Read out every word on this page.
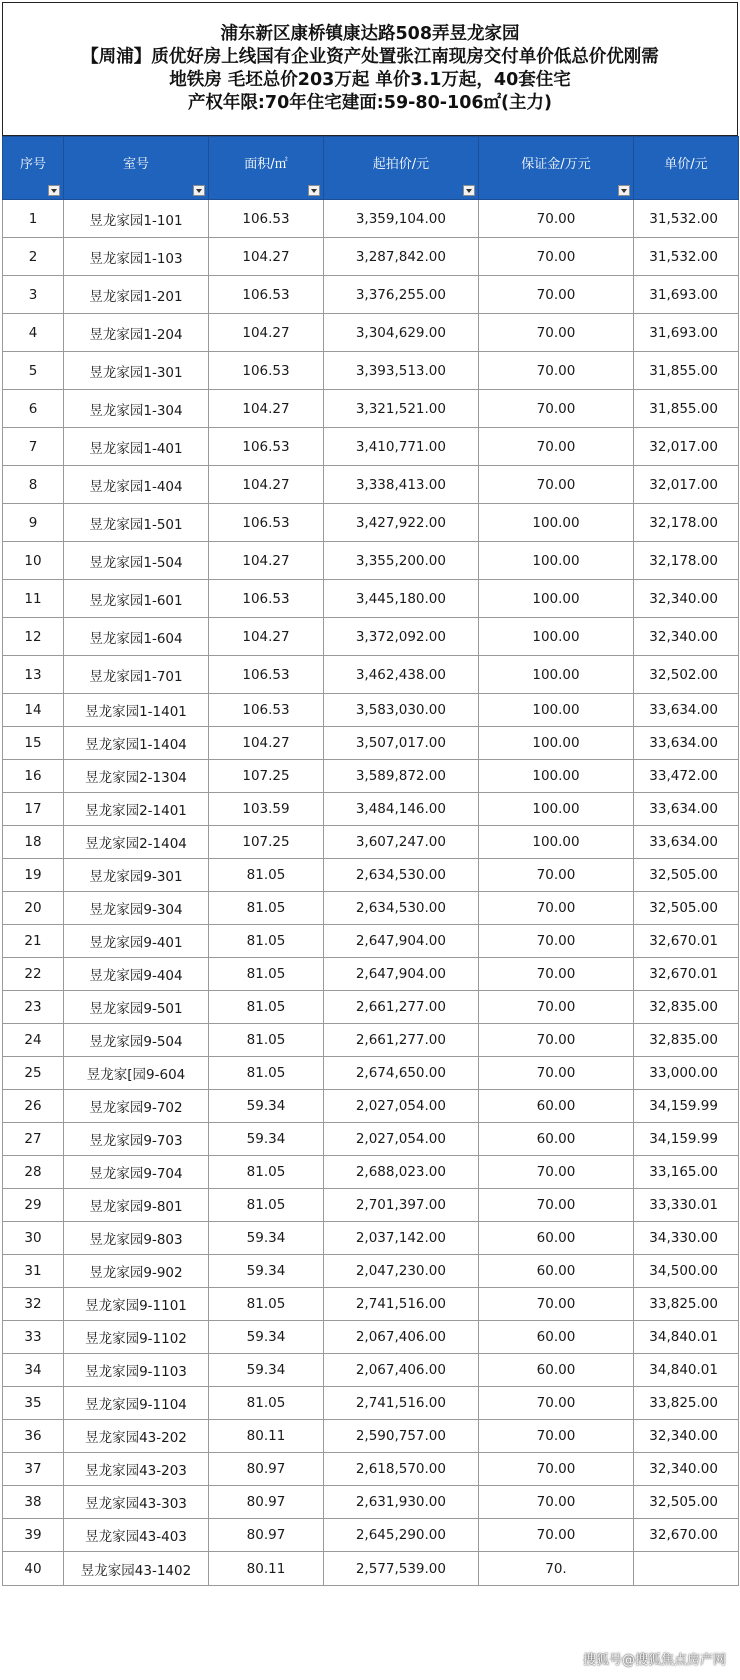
浦东新区康桥镇康达路508弄昱龙家园
【周浦】质优好房上线国有企业资产处置张江南现房交付单价低总价优刚需
地铁房 毛坯总价203万起 单价3.1万起，40套住宅
产权年限:70年住宅建面:59-80-106㎡(主力)
序号	室号	面积/㎡	起拍价/元	保证金/万元	单价/元
1	昱龙家园1-101	106.53	3,359,104.00	70.00	31,532.00
2	昱龙家园1-103	104.27	3,287,842.00	70.00	31,532.00
3	昱龙家园1-201	106.53	3,376,255.00	70.00	31,693.00
4	昱龙家园1-204	104.27	3,304,629.00	70.00	31,693.00
5	昱龙家园1-301	106.53	3,393,513.00	70.00	31,855.00
6	昱龙家园1-304	104.27	3,321,521.00	70.00	31,855.00
7	昱龙家园1-401	106.53	3,410,771.00	70.00	32,017.00
8	昱龙家园1-404	104.27	3,338,413.00	70.00	32,017.00
9	昱龙家园1-501	106.53	3,427,922.00	100.00	32,178.00
10	昱龙家园1-504	104.27	3,355,200.00	100.00	32,178.00
11	昱龙家园1-601	106.53	3,445,180.00	100.00	32,340.00
12	昱龙家园1-604	104.27	3,372,092.00	100.00	32,340.00
13	昱龙家园1-701	106.53	3,462,438.00	100.00	32,502.00
14	昱龙家园1-1401	106.53	3,583,030.00	100.00	33,634.00
15	昱龙家园1-1404	104.27	3,507,017.00	100.00	33,634.00
16	昱龙家园2-1304	107.25	3,589,872.00	100.00	33,472.00
17	昱龙家园2-1401	103.59	3,484,146.00	100.00	33,634.00
18	昱龙家园2-1404	107.25	3,607,247.00	100.00	33,634.00
19	昱龙家园9-301	81.05	2,634,530.00	70.00	32,505.00
20	昱龙家园9-304	81.05	2,634,530.00	70.00	32,505.00
21	昱龙家园9-401	81.05	2,647,904.00	70.00	32,670.01
22	昱龙家园9-404	81.05	2,647,904.00	70.00	32,670.01
23	昱龙家园9-501	81.05	2,661,277.00	70.00	32,835.00
24	昱龙家园9-504	81.05	2,661,277.00	70.00	32,835.00
25	昱龙家[园9-604	81.05	2,674,650.00	70.00	33,000.00
26	昱龙家园9-702	59.34	2,027,054.00	60.00	34,159.99
27	昱龙家园9-703	59.34	2,027,054.00	60.00	34,159.99
28	昱龙家园9-704	81.05	2,688,023.00	70.00	33,165.00
29	昱龙家园9-801	81.05	2,701,397.00	70.00	33,330.01
30	昱龙家园9-803	59.34	2,037,142.00	60.00	34,330.00
31	昱龙家园9-902	59.34	2,047,230.00	60.00	34,500.00
32	昱龙家园9-1101	81.05	2,741,516.00	70.00	33,825.00
33	昱龙家园9-1102	59.34	2,067,406.00	60.00	34,840.01
34	昱龙家园9-1103	59.34	2,067,406.00	60.00	34,840.01
35	昱龙家园9-1104	81.05	2,741,516.00	70.00	33,825.00
36	昱龙家园43-202	80.11	2,590,757.00	70.00	32,340.00
37	昱龙家园43-203	80.97	2,618,570.00	70.00	32,340.00
38	昱龙家园43-303	80.97	2,631,930.00	70.00	32,505.00
39	昱龙家园43-403	80.97	2,645,290.00	70.00	32,670.00
40	昱龙家园43-1402	80.11	2,577,539.00	70.	
搜狐号@搜狐焦点房产网
